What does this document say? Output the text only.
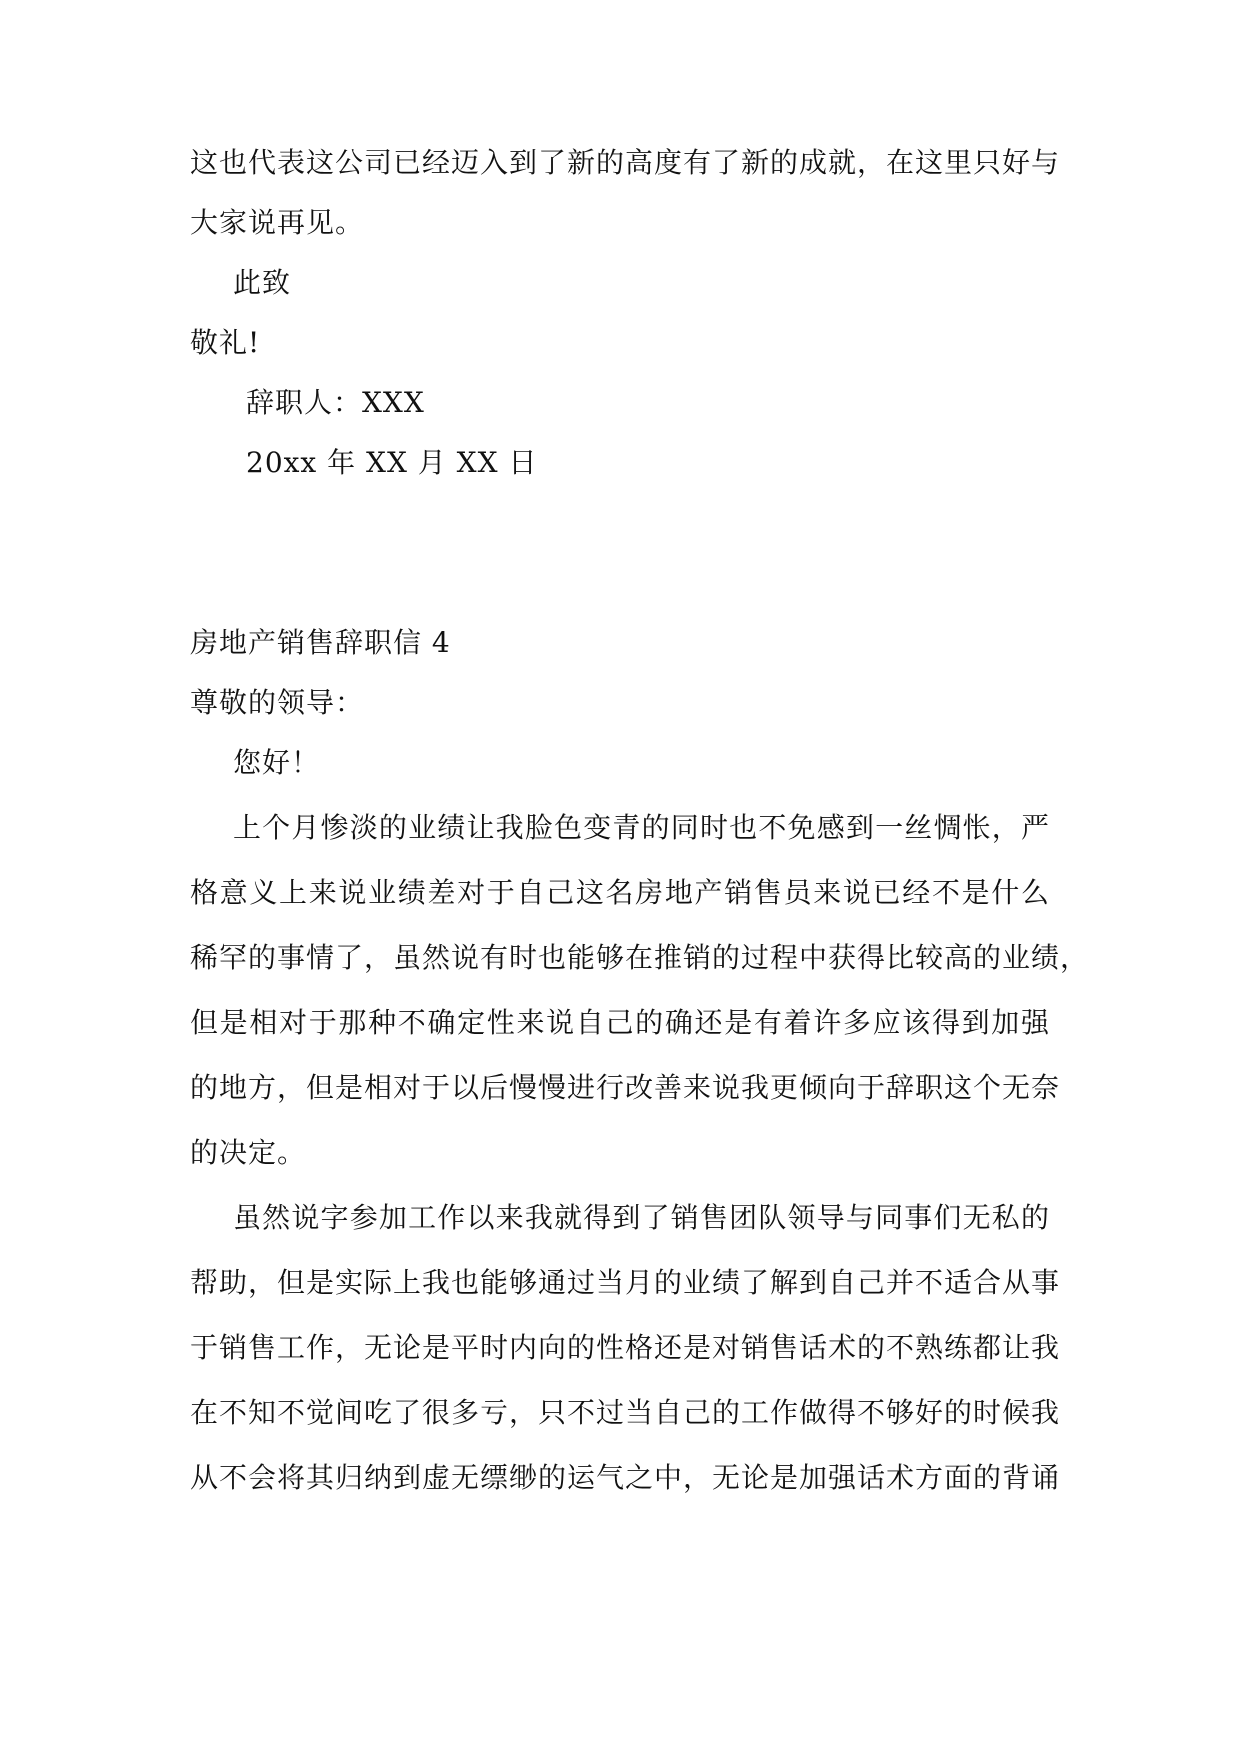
这也代表这公司已经迈入到了新的高度有了新的成就，在这里只好与
大家说再见。
此致
敬礼!
辞职人：XXX
20xx 年 XX 月 XX 日
房地产销售辞职信 4
尊敬的领导：
您好！
上个月惨淡的业绩让我脸色变青的同时也不免感到一丝惆怅，严
格意义上来说业绩差对于自己这名房地产销售员来说已经不是什么
稀罕的事情了，虽然说有时也能够在推销的过程中获得比较高的业绩，
但是相对于那种不确定性来说自己的确还是有着许多应该得到加强
的地方，但是相对于以后慢慢进行改善来说我更倾向于辞职这个无奈
的决定。
虽然说字参加工作以来我就得到了销售团队领导与同事们无私的
帮助，但是实际上我也能够通过当月的业绩了解到自己并不适合从事
于销售工作，无论是平时内向的性格还是对销售话术的不熟练都让我
在不知不觉间吃了很多亏，只不过当自己的工作做得不够好的时候我
从不会将其归纳到虚无缥缈的运气之中，无论是加强话术方面的背诵
